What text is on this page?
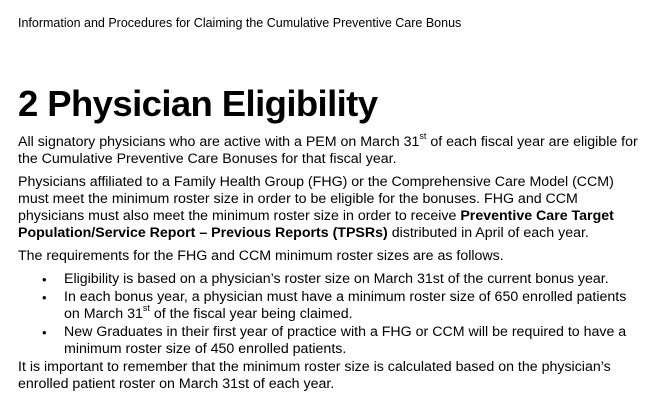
Information and Procedures for Claiming the Cumulative Preventive Care Bonus
2 Physician Eligibility

All signatory physicians who are active with a PEM on March 31st of each fiscal year are eligible for the Cumulative Preventive Care Bonuses for that fiscal year.

Physicians affiliated to a Family Health Group (FHG) or the Comprehensive Care Model (CCM) must meet the minimum roster size in order to be eligible for the bonuses. FHG and CCM physicians must also meet the minimum roster size in order to receive Preventive Care Target Population/Service Report – Previous Reports (TPSRs) distributed in April of each year.

The requirements for the FHG and CCM minimum roster sizes are as follows.

• Eligibility is based on a physician’s roster size on March 31st of the current bonus year.
• In each bonus year, a physician must have a minimum roster size of 650 enrolled patients on March 31st of the fiscal year being claimed.
• New Graduates in their first year of practice with a FHG or CCM will be required to have a minimum roster size of 450 enrolled patients.

It is important to remember that the minimum roster size is calculated based on the physician’s enrolled patient roster on March 31st of each year.
